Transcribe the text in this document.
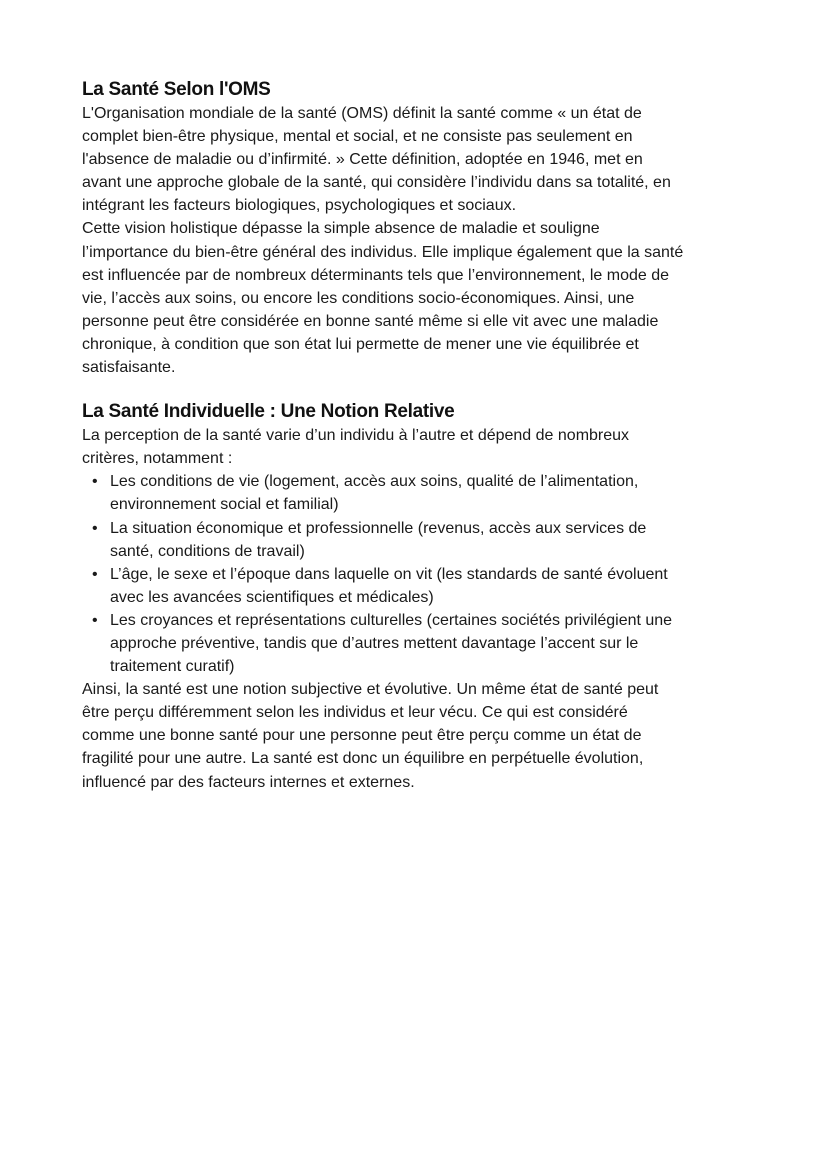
La Santé Selon l'OMS
L'Organisation mondiale de la santé (OMS) définit la santé comme « un état de
complet bien-être physique, mental et social, et ne consiste pas seulement en
l'absence de maladie ou d’infirmité. » Cette définition, adoptée en 1946, met en
avant une approche globale de la santé, qui considère l’individu dans sa totalité, en
intégrant les facteurs biologiques, psychologiques et sociaux.
Cette vision holistique dépasse la simple absence de maladie et souligne
l’importance du bien-être général des individus. Elle implique également que la santé
est influencée par de nombreux déterminants tels que l’environnement, le mode de
vie, l’accès aux soins, ou encore les conditions socio-économiques. Ainsi, une
personne peut être considérée en bonne santé même si elle vit avec une maladie
chronique, à condition que son état lui permette de mener une vie équilibrée et
satisfaisante.
La Santé Individuelle : Une Notion Relative
La perception de la santé varie d’un individu à l’autre et dépend de nombreux
critères, notamment :
• Les conditions de vie (logement, accès aux soins, qualité de l’alimentation,
environnement social et familial)
• La situation économique et professionnelle (revenus, accès aux services de
santé, conditions de travail)
• L’âge, le sexe et l’époque dans laquelle on vit (les standards de santé évoluent
avec les avancées scientifiques et médicales)
• Les croyances et représentations culturelles (certaines sociétés privilégient une
approche préventive, tandis que d’autres mettent davantage l’accent sur le
traitement curatif)
Ainsi, la santé est une notion subjective et évolutive. Un même état de santé peut
être perçu différemment selon les individus et leur vécu. Ce qui est considéré
comme une bonne santé pour une personne peut être perçu comme un état de
fragilité pour une autre. La santé est donc un équilibre en perpétuelle évolution,
influencé par des facteurs internes et externes.
